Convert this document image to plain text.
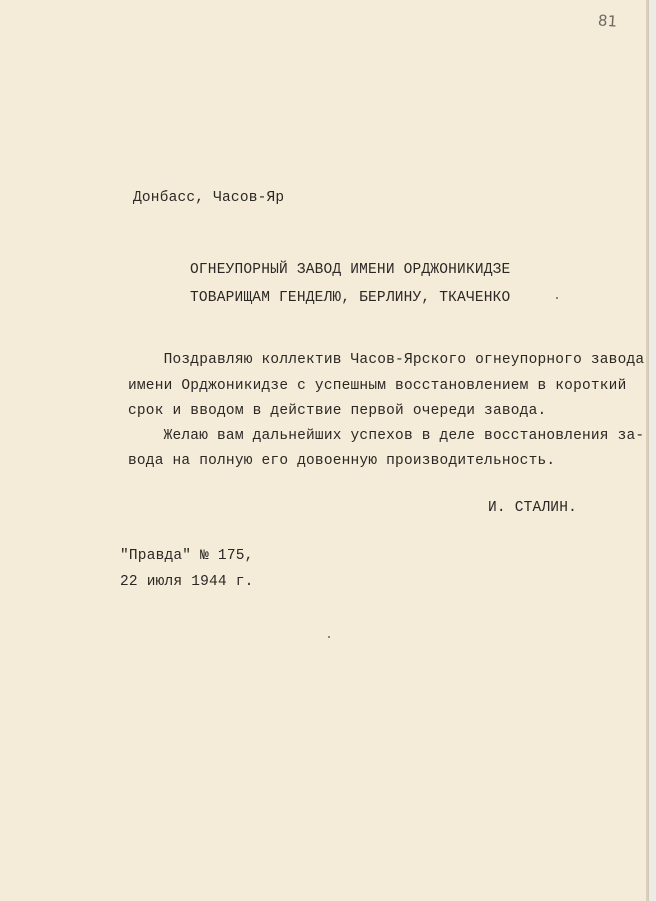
81
Донбасс, Часов-Яр
ОГНЕУПОРНЫЙ ЗАВОД ИМЕНИ ОРДЖОНИКИДЗЕ
ТОВАРИЩАМ ГЕНДЕЛЮ, БЕРЛИНУ, ТКАЧЕНКО
Поздравляю коллектив Часов-Ярского огнеупорного завода
имени Орджоникидзе с успешным восстановлением в короткий
срок и вводом в действие первой очереди завода.
Желаю вам дальнейших успехов в деле восстановления за-
вода на полную его довоенную производительность.
И. СТАЛИН.
"Правда" № 175,
22 июля 1944 г.
